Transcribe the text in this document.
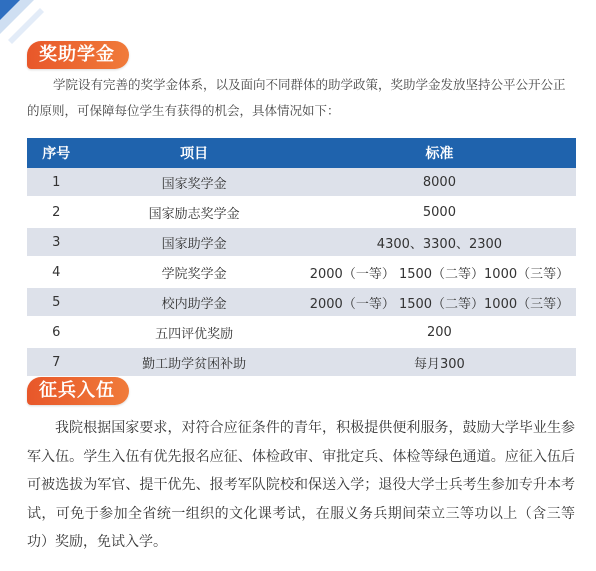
奖助学金
学院设有完善的奖学金体系，以及面向不同群体的助学政策，奖助学金发放坚持公平公开公正的原则，可保障每位学生有获得的机会，具体情况如下：
序号	项目	标准
1	国家奖学金	8000
2	国家励志奖学金	5000
3	国家助学金	4300、3300、2300
4	学院奖学金	2000（一等） 1500（二等）1000（三等）
5	校内助学金	2000（一等） 1500（二等）1000（三等）
6	五四评优奖励	200
7	勤工助学贫困补助	每月300
征兵入伍
我院根据国家要求，对符合应征条件的青年，积极提供便利服务，鼓励大学毕业生参军入伍。学生入伍有优先报名应征、体检政审、审批定兵、体检等绿色通道。应征入伍后可被选拔为军官、提干优先、报考军队院校和保送入学；退役大学士兵考生参加专升本考试，可免于参加全省统一组织的文化课考试，在服义务兵期间荣立三等功以上（含三等功）奖励，免试入学。
